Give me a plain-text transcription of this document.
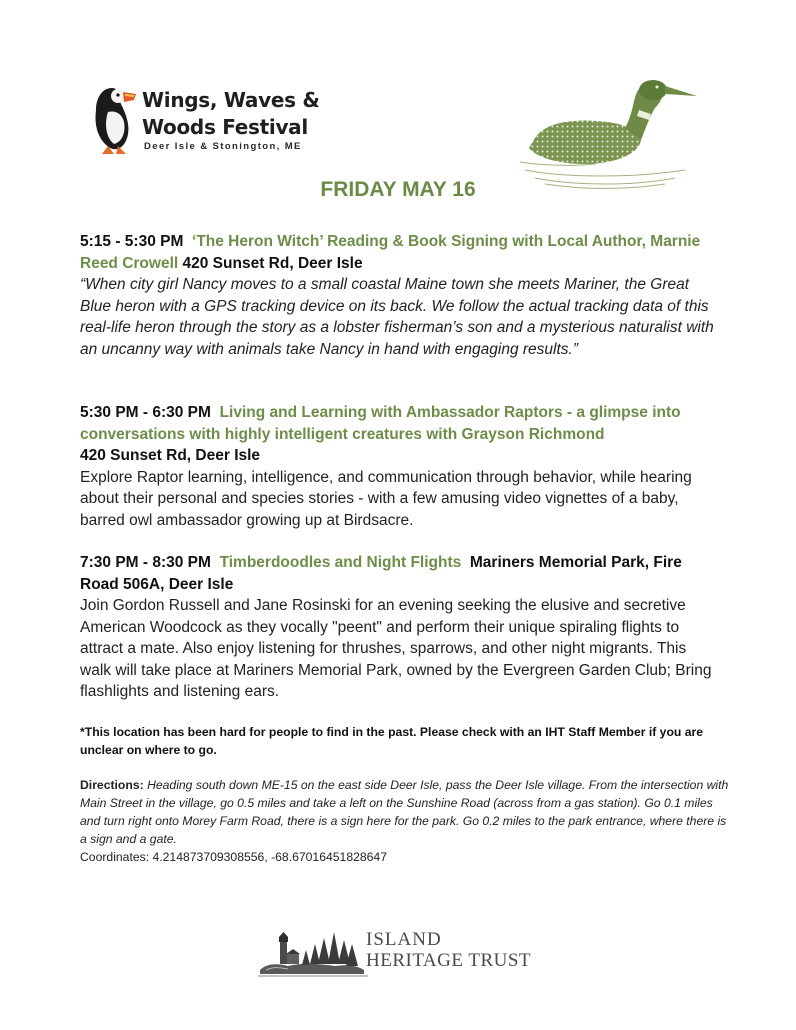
Wings, Waves &
Woods Festival
Deer Isle & Stonington, ME
FRIDAY MAY 16
5:15 - 5:30 PM ‘The Heron Witch’ Reading & Book Signing with Local Author, Marnie Reed Crowell 420 Sunset Rd, Deer Isle
“When city girl Nancy moves to a small coastal Maine town she meets Mariner, the Great Blue heron with a GPS tracking device on its back. We follow the actual tracking data of this real-life heron through the story as a lobster fisherman’s son and a mysterious naturalist with an uncanny way with animals take Nancy in hand with engaging results.”
5:30 PM - 6:30 PM Living and Learning with Ambassador Raptors - a glimpse into conversations with highly intelligent creatures with Grayson Richmond
420 Sunset Rd, Deer Isle
Explore Raptor learning, intelligence, and communication through behavior, while hearing about their personal and species stories - with a few amusing video vignettes of a baby, barred owl ambassador growing up at Birdsacre.
7:30 PM - 8:30 PM Timberdoodles and Night Flights Mariners Memorial Park, Fire Road 506A, Deer Isle
Join Gordon Russell and Jane Rosinski for an evening seeking the elusive and secretive American Woodcock as they vocally "peent" and perform their unique spiraling flights to attract a mate. Also enjoy listening for thrushes, sparrows, and other night migrants. This walk will take place at Mariners Memorial Park, owned by the Evergreen Garden Club; Bring flashlights and listening ears.
*This location has been hard for people to find in the past. Please check with an IHT Staff Member if you are unclear on where to go.
Directions: Heading south down ME-15 on the east side Deer Isle, pass the Deer Isle village. From the intersection with Main Street in the village, go 0.5 miles and take a left on the Sunshine Road (across from a gas station). Go 0.1 miles and turn right onto Morey Farm Road, there is a sign here for the park. Go 0.2 miles to the park entrance, where there is a sign and a gate.
Coordinates: 4.214873709308556, -68.67016451828647
ISLAND
HERITAGE TRUST
